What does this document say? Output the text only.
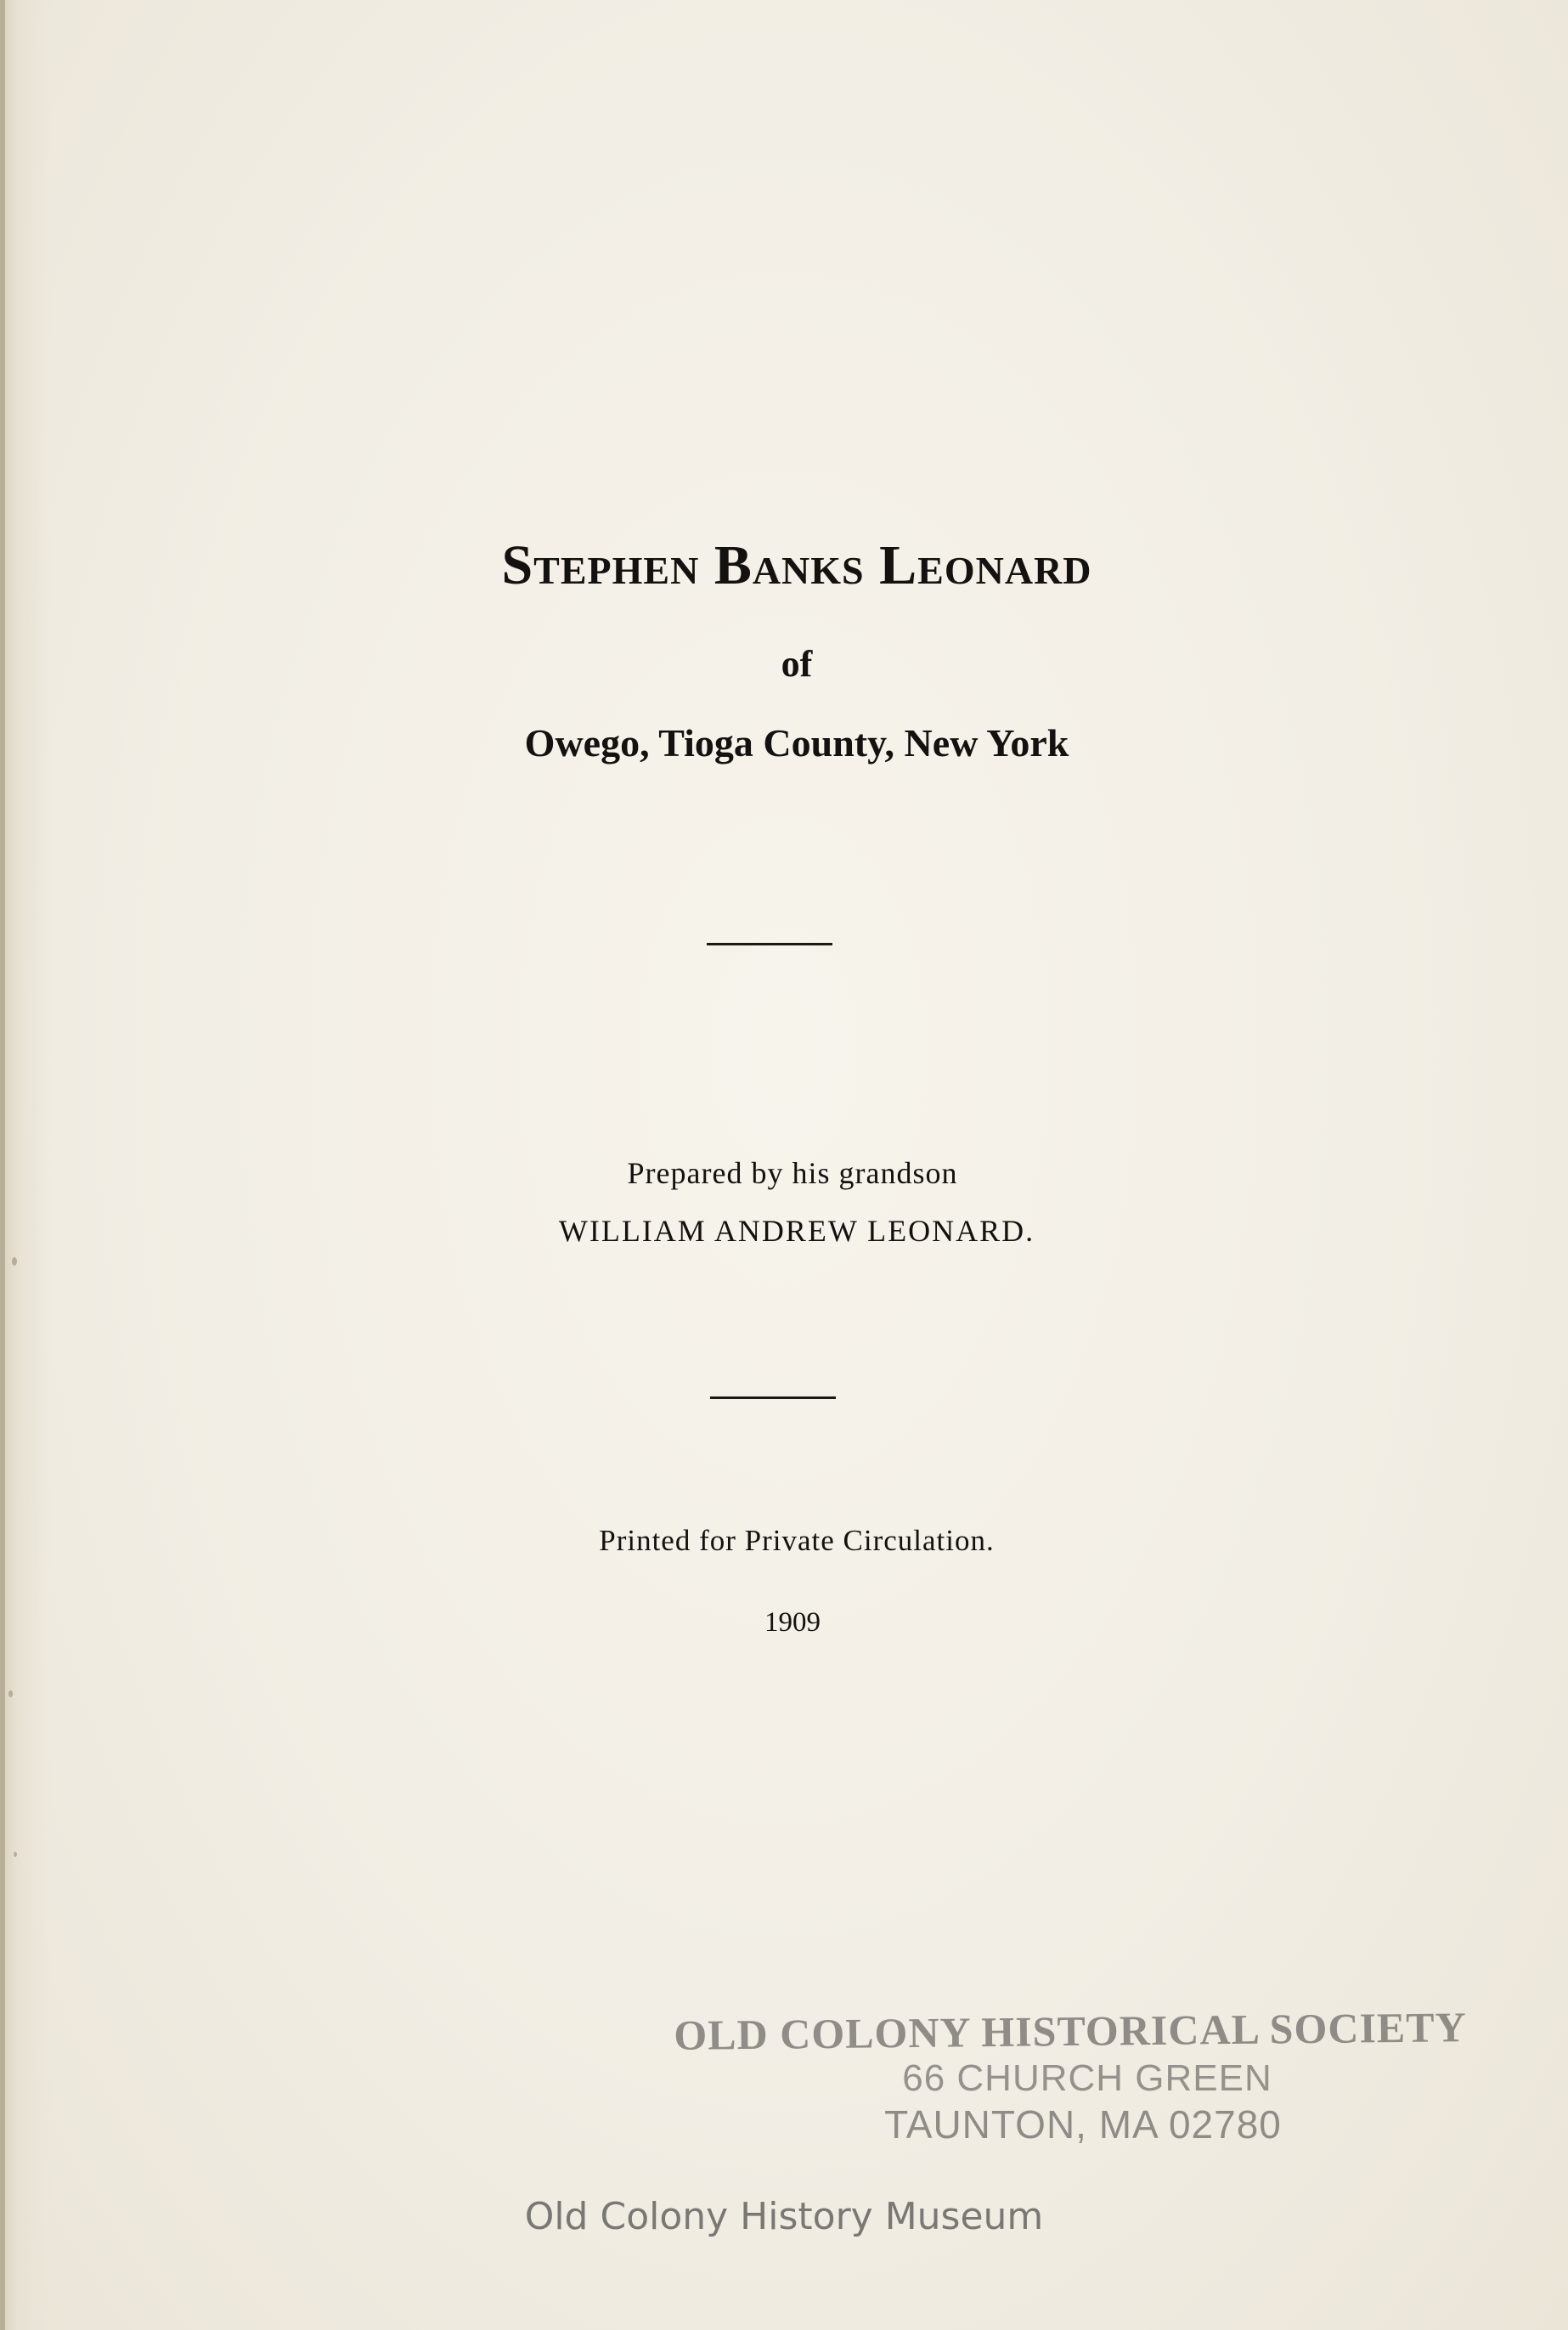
Stephen Banks Leonard
of
Owego, Tioga County, New York
Prepared by his grandson
WILLIAM ANDREW LEONARD.
Printed for Private Circulation.
1909
OLD COLONY HISTORICAL SOCIETY
66 CHURCH GREEN
TAUNTON, MA 02780
Old Colony History Museum
